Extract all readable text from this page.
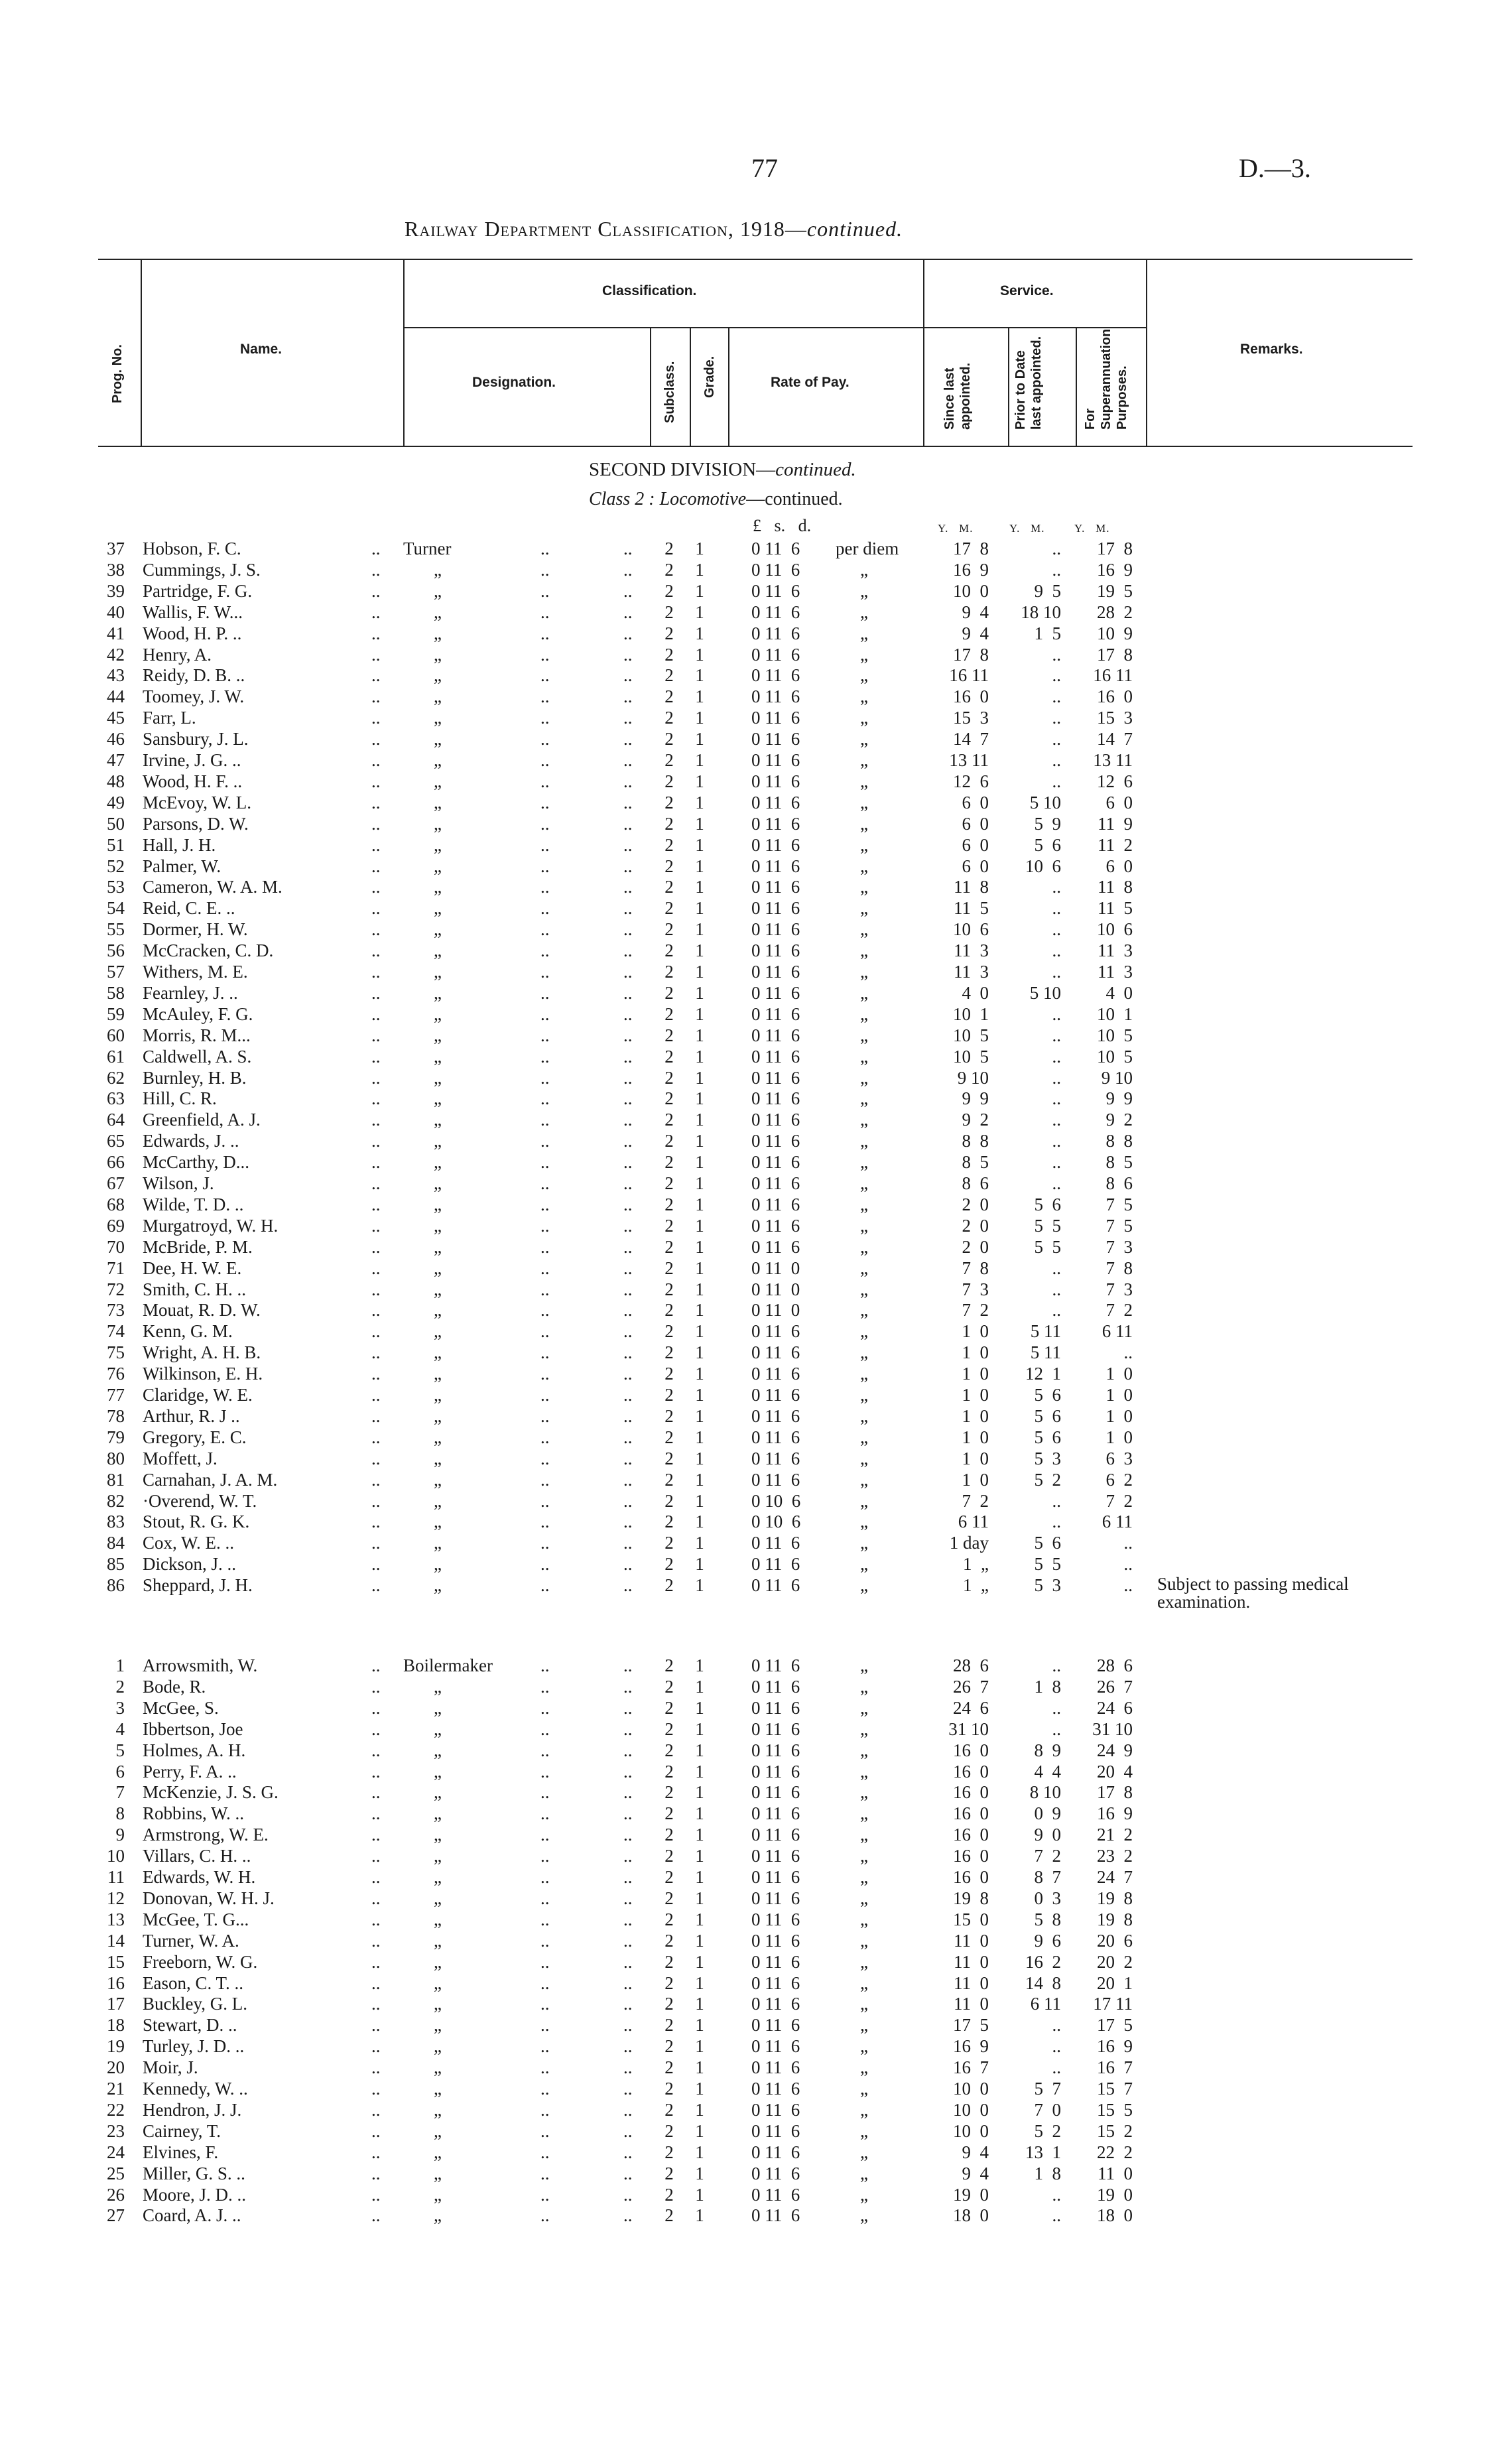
77	D.—3.
Railway Department Classification, 1918—continued.
Prog. No.	Name.
Classification.	Service.
Designation.	Subclass. Grade.	Rate of Pay.	Since last appointed.	Prior to Date last appointed.	For Superannuation Purposes.
Remarks.
SECOND DIVISION—continued.
Class 2 : Locomotive—continued.
£   s.   d.	Y.   M.	Y.   M.	Y.   M.
37 Hobson, F. C.	.. Turner	..	..	2	1	0 11  6 per diem	17  8	..	17  8
38 Cummings, J. S.	..	„	..	..	2	1	0 11  6	„	16  9	..	16  9
39 Partridge, F. G.	..	„	..	..	2	1	0 11  6	„	10  0	9  5	19  5
40 Wallis, F. W...	..	„	..	..	2	1	0 11  6	„	9  4	18 10	28  2
41 Wood, H. P. ..	..	„	..	..	2	1	0 11  6	„	9  4	1  5	10  9
42 Henry, A.	..	„	..	..	2	1	0 11  6	„	17  8	..	17  8
43 Reidy, D. B. ..	..	„	..	..	2	1	0 11  6	„	16 11	..	16 11
44 Toomey, J. W.	..	„	..	..	2	1	0 11  6	„	16  0	..	16  0
45 Farr, L.	..	„	..	..	2	1	0 11  6	„	15  3	..	15  3
46 Sansbury, J. L.	..	„	..	..	2	1	0 11  6	„	14  7	..	14  7
47 Irvine, J. G. ..	..	„	..	..	2	1	0 11  6	„	13 11	..	13 11
48 Wood, H. F. ..	..	„	..	..	2	1	0 11  6	„	12  6	..	12  6
49 McEvoy, W. L.	..	„	..	..	2	1	0 11  6	„	6  0	5 10	6  0
50 Parsons, D. W.	..	„	..	..	2	1	0 11  6	„	6  0	5  9	11  9
51 Hall, J. H.	..	„	..	..	2	1	0 11  6	„	6  0	5  6	11  2
52 Palmer, W.	..	„	..	..	2	1	0 11  6	„	6  0	10  6	6  0
53 Cameron, W. A. M.	..	„	..	..	2	1	0 11  6	„	11  8	..	11  8
54 Reid, C. E. ..	..	„	..	..	2	1	0 11  6	„	11  5	..	11  5
55 Dormer, H. W.	..	„	..	..	2	1	0 11  6	„	10  6	..	10  6
56 McCracken, C. D.	..	„	..	..	2	1	0 11  6	„	11  3	..	11  3
57 Withers, M. E.	..	„	..	..	2	1	0 11  6	„	11  3	..	11  3
58 Fearnley, J. ..	..	„	..	..	2	1	0 11  6	„	4  0	5 10	4  0
59 McAuley, F. G.	..	„	..	..	2	1	0 11  6	„	10  1	..	10  1
60 Morris, R. M...	..	„	..	..	2	1	0 11  6	„	10  5	..	10  5
61 Caldwell, A. S.	..	„	..	..	2	1	0 11  6	„	10  5	..	10  5
62 Burnley, H. B.	..	„	..	..	2	1	0 11  6	„	9 10	..	9 10
63 Hill, C. R.	..	„	..	..	2	1	0 11  6	„	9  9	..	9  9
64 Greenfield, A. J.	..	„	..	..	2	1	0 11  6	„	9  2	..	9  2
65 Edwards, J. ..	..	„	..	..	2	1	0 11  6	„	8  8	..	8  8
66 McCarthy, D...	..	„	..	..	2	1	0 11  6	„	8  5	..	8  5
67 Wilson, J.	..	„	..	..	2	1	0 11  6	„	8  6	..	8  6
68 Wilde, T. D. ..	..	„	..	..	2	1	0 11  6	„	2  0	5  6	7  5
69 Murgatroyd, W. H.	..	„	..	..	2	1	0 11  6	„	2  0	5  5	7  5
70 McBride, P. M.	..	„	..	..	2	1	0 11  6	„	2  0	5  5	7  3
71 Dee, H. W. E.	..	„	..	..	2	1	0 11  0	„	7  8	..	7  8
72 Smith, C. H. ..	..	„	..	..	2	1	0 11  0	„	7  3	..	7  3
73 Mouat, R. D. W.	..	„	..	..	2	1	0 11  0	„	7  2	..	7  2
74 Kenn, G. M.	..	„	..	..	2	1	0 11  6	„	1  0	5 11	6 11
75 Wright, A. H. B.	..	„	..	..	2	1	0 11  6	„	1  0	5 11	..
76 Wilkinson, E. H.	..	„	..	..	2	1	0 11  6	„	1  0	12  1	1  0
77 Claridge, W. E.	..	„	..	..	2	1	0 11  6	„	1  0	5  6	1  0
78 Arthur, R. J ..	..	„	..	..	2	1	0 11  6	„	1  0	5  6	1  0
79 Gregory, E. C.	..	„	..	..	2	1	0 11  6	„	1  0	5  6	1  0
80 Moffett, J.	..	„	..	..	2	1	0 11  6	„	1  0	5  3	6  3
81 Carnahan, J. A. M.	..	„	..	..	2	1	0 11  6	„	1  0	5  2	6  2
82 ·Overend, W. T.	..	„	..	..	2	1	0 10  6	„	7  2	..	7  2
83 Stout, R. G. K.	..	„	..	..	2	1	0 10  6	„	6 11	..	6 11
84 Cox, W. E. ..	..	„	..	..	2	1	0 11  6	„	1 day	5  6	..
85 Dickson, J. ..	..	„	..	..	2	1	0 11  6	„	1  „	5  5	..
86 Sheppard, J. H.	..	„	..	..	2	1	0 11  6	„	1  „	5  3	.. Subject to passing medical examination.
1 Arrowsmith, W.	.. Boilermaker	..	..	2	1	0 11  6	„	28  6	..	28  6
2 Bode, R.	..	„	..	..	2	1	0 11  6	„	26  7	1  8	26  7
3 McGee, S.	..	„	..	..	2	1	0 11  6	„	24  6	..	24  6
4 Ibbertson, Joe	..	„	..	..	2	1	0 11  6	„	31 10	..	31 10
5 Holmes, A. H.	..	„	..	..	2	1	0 11  6	„	16  0	8  9	24  9
6 Perry, F. A. ..	..	„	..	..	2	1	0 11  6	„	16  0	4  4	20  4
7 McKenzie, J. S. G.	..	„	..	..	2	1	0 11  6	„	16  0	8 10	17  8
8 Robbins, W. ..	..	„	..	..	2	1	0 11  6	„	16  0	0  9	16  9
9 Armstrong, W. E.	..	„	..	..	2	1	0 11  6	„	16  0	9  0	21  2
10 Villars, C. H. ..	..	„	..	..	2	1	0 11  6	„	16  0	7  2	23  2
11 Edwards, W. H.	..	„	..	..	2	1	0 11  6	„	16  0	8  7	24  7
12 Donovan, W. H. J.	..	„	..	..	2	1	0 11  6	„	19  8	0  3	19  8
13 McGee, T. G...	..	„	..	..	2	1	0 11  6	„	15  0	5  8	19  8
14 Turner, W. A.	..	„	..	..	2	1	0 11  6	„	11  0	9  6	20  6
15 Freeborn, W. G.	..	„	..	..	2	1	0 11  6	„	11  0	16  2	20  2
16 Eason, C. T. ..	..	„	..	..	2	1	0 11  6	„	11  0	14  8	20  1
17 Buckley, G. L.	..	„	..	..	2	1	0 11  6	„	11  0	6 11	17 11
18 Stewart, D. ..	..	„	..	..	2	1	0 11  6	„	17  5	..	17  5
19 Turley, J. D. ..	..	„	..	..	2	1	0 11  6	„	16  9	..	16  9
20 Moir, J.	..	„	..	..	2	1	0 11  6	„	16  7	..	16  7
21 Kennedy, W. ..	..	„	..	..	2	1	0 11  6	„	10  0	5  7	15  7
22 Hendron, J. J.	..	„	..	..	2	1	0 11  6	„	10  0	7  0	15  5
23 Cairney, T.	..	„	..	..	2	1	0 11  6	„	10  0	5  2	15  2
24 Elvines, F.	..	„	..	..	2	1	0 11  6	„	9  4	13  1	22  2
25 Miller, G. S. ..	..	„	..	..	2	1	0 11  6	„	9  4	1  8	11  0
26 Moore, J. D. ..	..	„	..	..	2	1	0 11  6	„	19  0	..	19  0
27 Coard, A. J. ..	..	„	..	..	2	1	0 11  6	„	18  0	..	18  0
